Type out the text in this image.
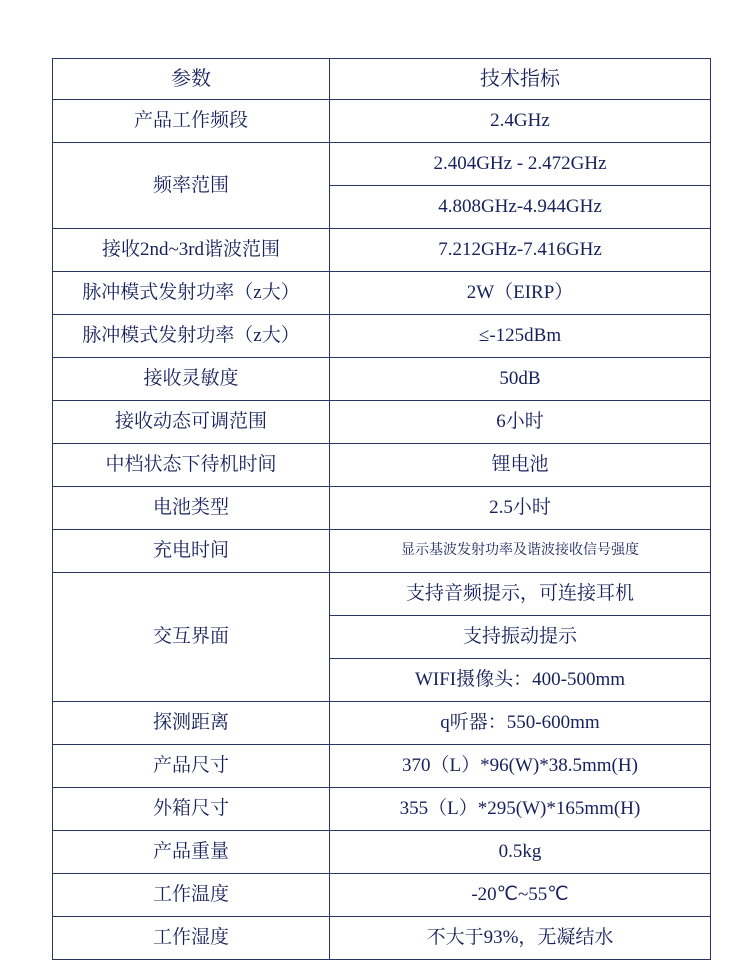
参数	技术指标
产品工作频段	2.4GHz
频率范围	2.404GHz - 2.472GHz
	4.808GHz-4.944GHz
接收2nd~3rd谐波范围	7.212GHz-7.416GHz
脉冲模式发射功率（z大）	2W（EIRP）
脉冲模式发射功率（z大）	≤-125dBm
接收灵敏度	50dB
接收动态可调范围	6小时
中档状态下待机时间	锂电池
电池类型	2.5小时
充电时间	显示基波发射功率及谐波接收信号强度
交互界面	支持音频提示，可连接耳机
	支持振动提示
	WIFI摄像头：400-500mm
探测距离	q听器：550-600mm
产品尺寸	370（L）*96(W)*38.5mm(H)
外箱尺寸	355（L）*295(W)*165mm(H)
产品重量	0.5kg
工作温度	-20℃~55℃
工作湿度	不大于93%，无凝结水
